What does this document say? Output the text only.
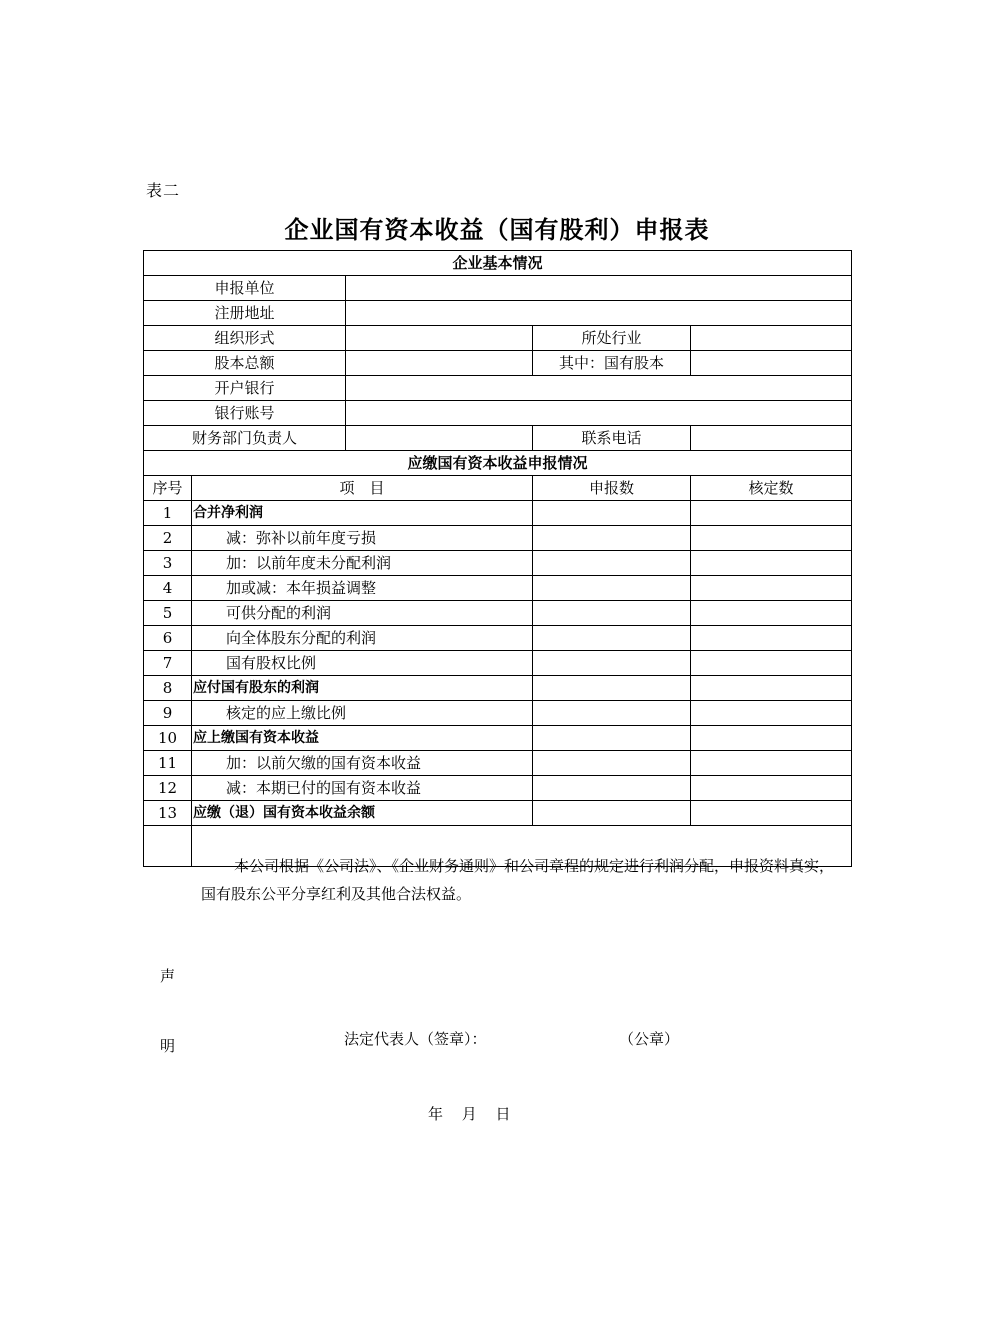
表二
企业国有资本收益（国有股利）申报表
企业基本情况				
申报单位				
注册地址				
组织形式			所处行业	
股本总额			其中：国有股本	
开户银行				
银行账号				
财务部门负责人			联系电话	
应缴国有资本收益申报情况				
序号	项　目		申报数	核定数
1	合并净利润			
2	减：弥补以前年度亏损			
3	加：以前年度未分配利润			
4	加或减：本年损益调整			
5	可供分配的利润			
6	向全体股东分配的利润			
7	国有股权比例			
8	应付国有股东的利润			
9	核定的应上缴比例			
10	应上缴国有资本收益			
11	加：以前欠缴的国有资本收益			
12	减：本期已付的国有资本收益			
13	应缴（退）国有资本收益余额			

声
明	本公司根据《公司法》、《企业财务通则》和公司章程的规定进行利润分配，申报资料真实，国有股东公平分享红利及其他合法权益。
法定代表人（签章）： （公章）
年 月 日			
